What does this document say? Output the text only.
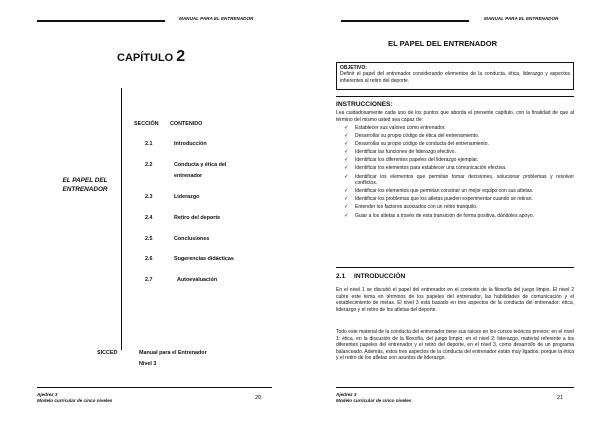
MANUAL PARA EL ENTRENADOR
CAPÍTULO 2
EL PAPEL DEL
ENTRENADOR
SECCIÓN CONTENIDO
2.1	Introducción
2.2	Conducta y ética del
entrenador
2.3	Liderazgo
2.4	Retiro del deporte
2.5	Conclusiones
2.6	Sugerencias didácticas
2.7	Autoevaluación
SICCED	Manual para el Entrenador
Nivel 3
Ajedrez 3
Modelo curricular de cinco niveles	20
MANUAL PARA EL ENTRENADOR
EL PAPEL DEL ENTRENADOR
OBJETIVO:
Definir el papel del entrenador considerando elementos de la conducta, ética, liderazgo y aspectos inherentes al retiro del deporte.
INSTRUCCIONES:
Lea cuidadosamente cada uno de los puntos que aborda el presente capítulo, con la finalidad de que al término del mismo usted sea capaz de:
✓ Establecer sus valores como entrenador.
✓ Desarrollar su propio código de ética del entrenamiento.
✓ Desarrollar su propio código de conducta del entrenamiento.
✓ Identificar las funciones de liderazgo efectivo.
✓ Identificar los diferentes papeles del liderazgo ejemplar.
✓ Identificar los elementos para establecer una comunicación efectiva.
✓ Identificar los elementos que permitan tomar decisiones, solucionar problemas y resolver conflictos.
✓ Identificar los elementos que permitan construir un mejor equipo con sus atletas.
✓ Identificar los problemas que los atletas pueden experimentar cuando se retiran.
✓ Entender los factores asociados con un retiro tranquilo.
✓ Guiar a los atletas a través de esta transición de forma positiva, dándoles apoyo.
2.1 INTRODUCCIÓN
En el nivel 1 se discutió el papel del entrenador en el contexto de la filosofía del juego limpio. El nivel 2 cubre este tema en términos de los papeles del entrenador, las habilidades de comunicación y el establecimiento de metas. El nivel 3 está basado en tres aspectos de la conducta del entrenador: ética, liderazgo y el retiro de los atletas del deporte.
Todo este material de la conducta del entrenador tiene sus raíces en los cursos teóricos previos: en el nivel 1: ética, en la discusión de la filosofía, del juego limpio; en el nivel 2: liderazgo, material referente a los diferentes papeles del entrenador y el retiro del deporte, en el nivel 3, como desarrollo de un programa balanceado. Además, estos tres aspectos de la conducta del entrenador están muy ligados, porque la ética y el retiro de los atletas son asuntos de liderazgo.
Ajedrez 3
Modelo curricular de cinco niveles	21
